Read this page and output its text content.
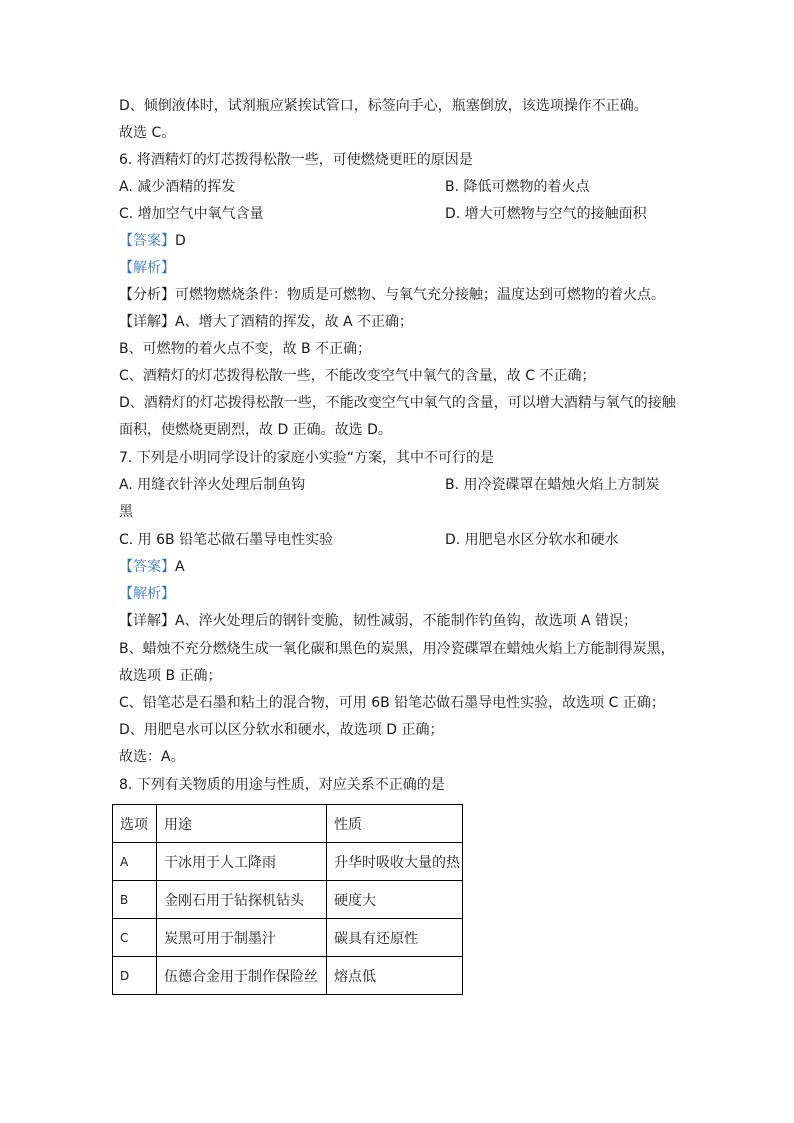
D、倾倒液体时，试剂瓶应紧挨试管口，标签向手心，瓶塞倒放，该选项操作不正确。
故选 C。
6. 将酒精灯的灯芯拨得松散一些，可使燃烧更旺的原因是
A. 减少酒精的挥发	B. 降低可燃物的着火点
C. 增加空气中氧气含量	D. 增大可燃物与空气的接触面积
【答案】D
【解析】
【分析】可燃物燃烧条件：物质是可燃物、与氧气充分接触；温度达到可燃物的着火点。
【详解】A、增大了酒精的挥发，故 A 不正确；
B、可燃物的着火点不变，故 B 不正确；
C、酒精灯的灯芯拨得松散一些，不能改变空气中氧气的含量，故 C 不正确；
D、酒精灯的灯芯拨得松散一些，不能改变空气中氧气的含量，可以增大酒精与氧气的接触
面积，使燃烧更剧烈，故 D 正确。故选 D。
7. 下列是小明同学设计的家庭小实验“方案，其中不可行的是
A. 用缝衣针淬火处理后制鱼钩	B. 用冷瓷碟罩在蜡烛火焰上方制炭
黑
C. 用 6B 铅笔芯做石墨导电性实验	D. 用肥皂水区分软水和硬水
【答案】A
【解析】
【详解】A、淬火处理后的钢针变脆，韧性减弱，不能制作钓鱼钩，故选项 A 错误；
B、蜡烛不充分燃烧生成一氧化碳和黑色的炭黑，用冷瓷碟罩在蜡烛火焰上方能制得炭黑，
故选项 B 正确；
C、铅笔芯是石墨和粘土的混合物，可用 6B 铅笔芯做石墨导电性实验，故选项 C 正确；
D、用肥皂水可以区分软水和硬水，故选项 D 正确；
故选：A。
8. 下列有关物质的用途与性质，对应关系不正确的是
选项	用途	性质
A	干冰用于人工降雨	升华时吸收大量的热
B	金刚石用于钻探机钻头	硬度大
C	炭黑可用于制墨汁	碳具有还原性
D	伍德合金用于制作保险丝	熔点低
